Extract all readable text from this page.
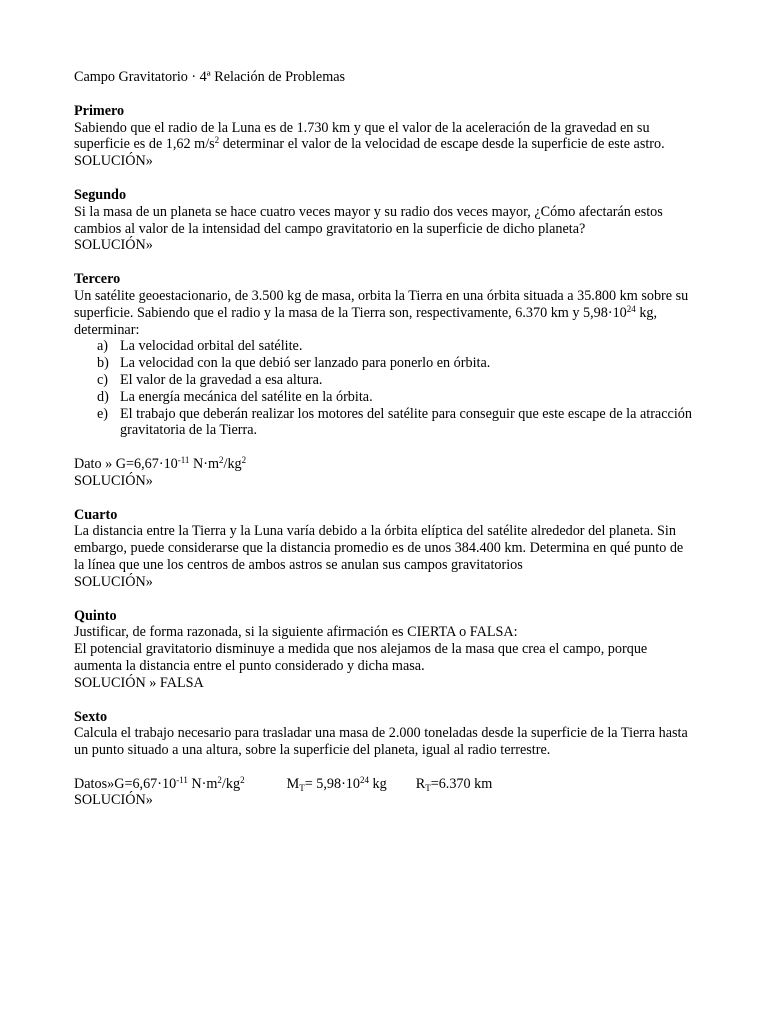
Campo Gravitatorio · 4ª Relación de Problemas

Primero

Sabiendo que el radio de la Luna es de 1.730 km y que el valor de la aceleración de la gravedad en su superficie es de 1,62 $m/s^2$ determinar el valor de la velocidad de escape desde la superficie de este astro.

SOLUCIÓN»

Segundo

Si la masa de un planeta se hace cuatro veces mayor y su radio dos veces mayor, ¿Cómo afectarán estos cambios al valor de la intensidad del campo gravitatorio en la superficie de dicho planeta?

SOLUCIÓN»

Tercero

Un satélite geoestacionario, de 3.500 kg de masa, orbita la Tierra en una órbita situada a 35.800 km sobre su superficie. Sabiendo que el radio y la masa de la Tierra son, respectivamente, 6.370 km y $5,98\cdot 10^{24}$ kg, determinar:

a) La velocidad orbital del satélite.
b) La velocidad con la que debió ser lanzado para ponerlo en órbita.
c) El valor de la gravedad a esa altura.
d) La energía mecánica del satélite en la órbita.
e) El trabajo que deberán realizar los motores del satélite para conseguir que este escape de la atracción gravitatoria de la Tierra.

Dato » $G=6,67\cdot 10^{-11}$ $N\cdot m^2/kg^2$

SOLUCIÓN»

Cuarto

La distancia entre la Tierra y la Luna varía debido a la órbita elíptica del satélite alrededor del planeta. Sin embargo, puede considerarse que la distancia promedio es de unos 384.400 km. Determina en qué punto de la línea que une los centros de ambos astros se anulan sus campos gravitatorios

SOLUCIÓN»

Quinto

Justificar, de forma razonada, si la siguiente afirmación es CIERTA o FALSA:

El potencial gravitatorio disminuye a medida que nos alejamos de la masa que crea el campo, porque aumenta la distancia entre el punto considerado y dicha masa.

SOLUCIÓN » FALSA

Sexto

Calcula el trabajo necesario para trasladar una masa de 2.000 toneladas desde la superficie de la Tierra hasta un punto situado a una altura, sobre la superficie del planeta, igual al radio terrestre.

$Datos»G=6,67\cdot 10^{-11}$ $N\cdot m^2/kg^2$	$M_T= 5,98\cdot 10^{24}$ kg $R_T=6.370$ km

SOLUCIÓN»
